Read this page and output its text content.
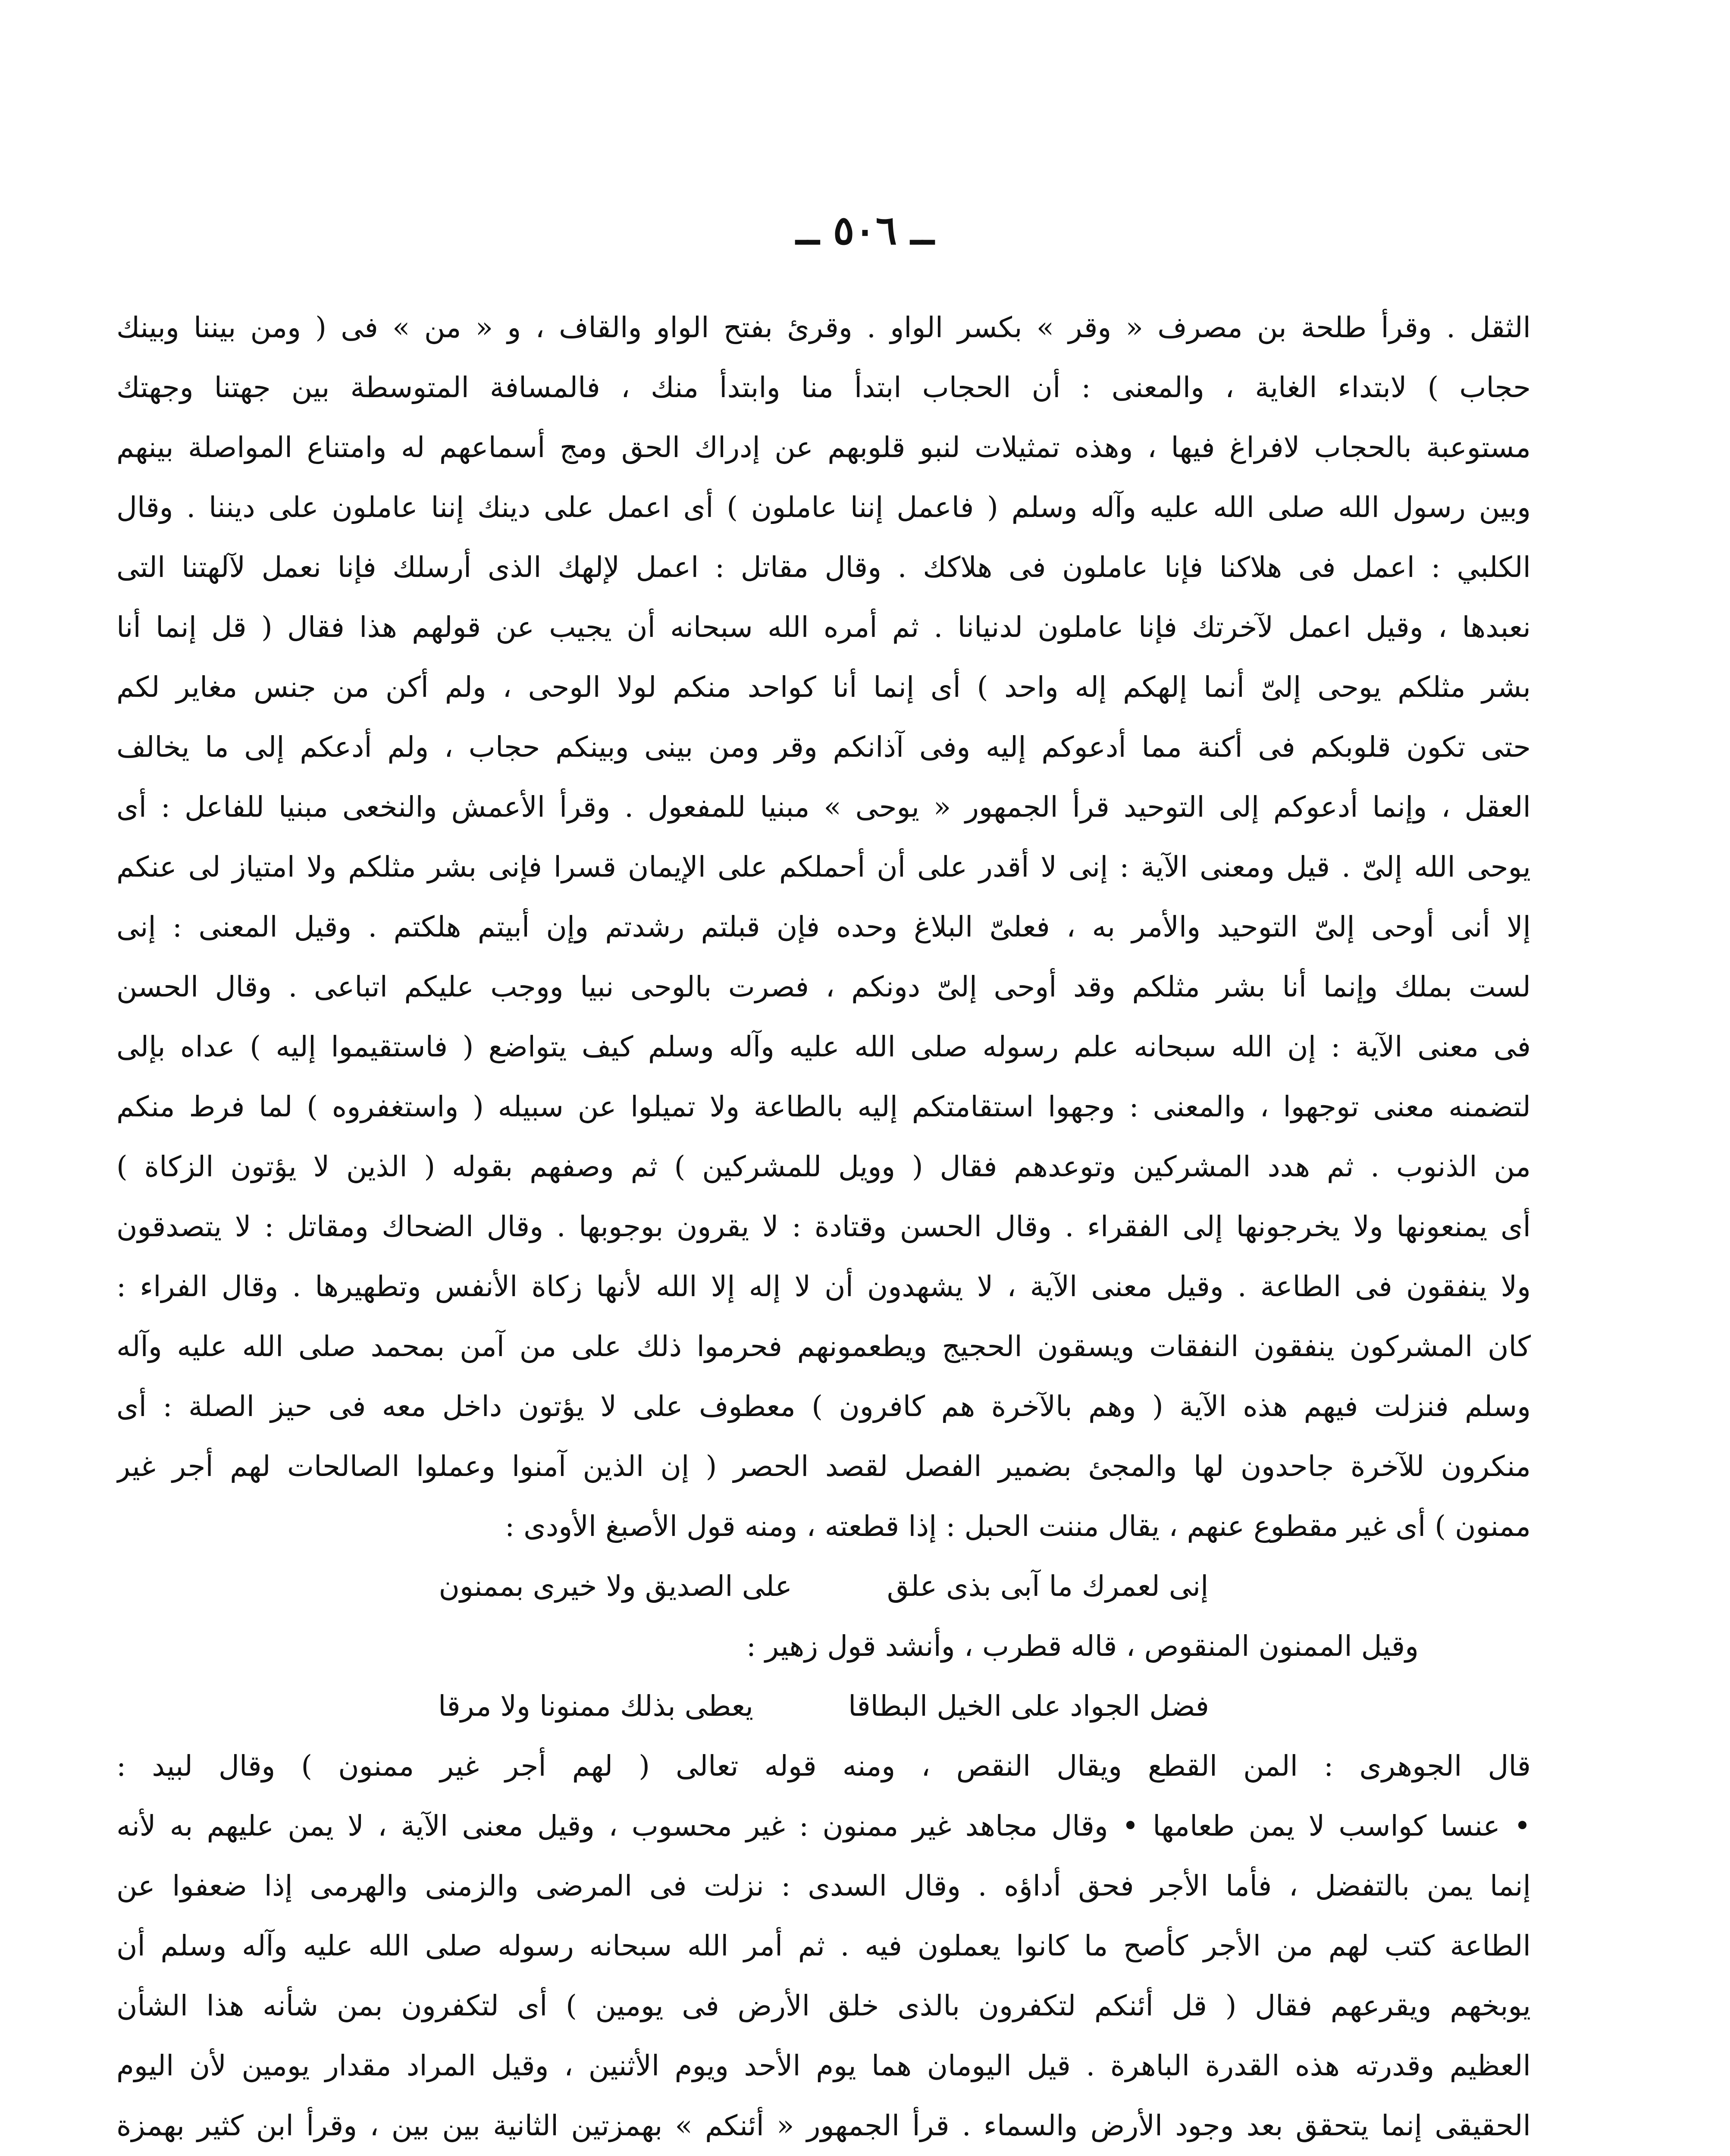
ــ ٥٠٦ ــ
الثقل . وقرأ طلحة بن مصرف « وقر » بكسر الواو . وقرئ بفتح الواو والقاف ، و « من » فى ( ومن بيننا وبينك
حجاب ) لابتداء الغاية ، والمعنى : أن الحجاب ابتدأ منا وابتدأ منك ، فالمسافة المتوسطة بين جهتنا وجهتك
مستوعبة بالحجاب لافراغ فيها ، وهذه تمثيلات لنبو قلوبهم عن إدراك الحق ومج أسماعهم له وامتناع المواصلة بينهم
وبين رسول الله صلى الله عليه وآله وسلم ( فاعمل إننا عاملون ) أى اعمل على دينك إننا عاملون على ديننا . وقال
الكلبي : اعمل فى هلاكنا فإنا عاملون فى هلاكك . وقال مقاتل : اعمل لإلهك الذى أرسلك فإنا نعمل لآلهتنا التى
نعبدها ، وقيل اعمل لآخرتك فإنا عاملون لدنيانا . ثم أمره الله سبحانه أن يجيب عن قولهم هذا فقال ( قل إنما أنا
بشر مثلكم يوحى إلىّ أنما إلهكم إله واحد ) أى إنما أنا كواحد منكم لولا الوحى ، ولم أكن من جنس مغاير لكم
حتى تكون قلوبكم فى أكنة مما أدعوكم إليه وفى آذانكم وقر ومن بينى وبينكم حجاب ، ولم أدعكم إلى ما يخالف
العقل ، وإنما أدعوكم إلى التوحيد قرأ الجمهور « يوحى » مبنيا للمفعول . وقرأ الأعمش والنخعى مبنيا للفاعل : أى
يوحى الله إلىّ . قيل ومعنى الآية : إنى لا أقدر على أن أحملكم على الإيمان قسرا فإنى بشر مثلكم ولا امتياز لى عنكم
إلا أنى أوحى إلىّ التوحيد والأمر به ، فعلىّ البلاغ وحده فإن قبلتم رشدتم وإن أبيتم هلكتم . وقيل المعنى : إنى
لست بملك وإنما أنا بشر مثلكم وقد أوحى إلىّ دونكم ، فصرت بالوحى نبيا ووجب عليكم اتباعى . وقال الحسن
فى معنى الآية : إن الله سبحانه علم رسوله صلى الله عليه وآله وسلم كيف يتواضع ( فاستقيموا إليه ) عداه بإلى
لتضمنه معنى توجهوا ، والمعنى : وجهوا استقامتكم إليه بالطاعة ولا تميلوا عن سبيله ( واستغفروه ) لما فرط منكم
من الذنوب . ثم هدد المشركين وتوعدهم فقال ( وويل للمشركين ) ثم وصفهم بقوله ( الذين لا يؤتون الزكاة )
أى يمنعونها ولا يخرجونها إلى الفقراء . وقال الحسن وقتادة : لا يقرون بوجوبها . وقال الضحاك ومقاتل : لا يتصدقون
ولا ينفقون فى الطاعة . وقيل معنى الآية ، لا يشهدون أن لا إله إلا الله لأنها زكاة الأنفس وتطهيرها . وقال الفراء :
كان المشركون ينفقون النفقات ويسقون الحجيج ويطعمونهم فحرموا ذلك على من آمن بمحمد صلى الله عليه وآله
وسلم فنزلت فيهم هذه الآية ( وهم بالآخرة هم كافرون ) معطوف على لا يؤتون داخل معه فى حيز الصلة : أى
منكرون للآخرة جاحدون لها والمجئ بضمير الفصل لقصد الحصر ( إن الذين آمنوا وعملوا الصالحات لهم أجر غير
ممنون ) أى غير مقطوع عنهم ، يقال مننت الحبل : إذا قطعته ، ومنه قول الأصبغ الأودى :
إنى لعمرك ما آبى بذى علق
على الصديق ولا خيرى بممنون
وقيل الممنون المنقوص ، قاله قطرب ، وأنشد قول زهير :
فضل الجواد على الخيل البطاقا
يعطى بذلك ممنونا ولا مرقا
قال الجوهرى : المن القطع ويقال النقص ، ومنه قوله تعالى ( لهم أجر غير ممنون ) وقال لبيد :
• عنسا كواسب لا يمن طعامها • وقال مجاهد غير ممنون : غير محسوب ، وقيل معنى الآية ، لا يمن عليهم به لأنه
إنما يمن بالتفضل ، فأما الأجر فحق أداؤه . وقال السدى : نزلت فى المرضى والزمنى والهرمى إذا ضعفوا عن
الطاعة كتب لهم من الأجر كأصح ما كانوا يعملون فيه . ثم أمر الله سبحانه رسوله صلى الله عليه وآله وسلم أن
يوبخهم ويقرعهم فقال ( قل أئنكم لتكفرون بالذى خلق الأرض فى يومين ) أى لتكفرون بمن شأنه هذا الشأن
العظيم وقدرته هذه القدرة الباهرة . قيل اليومان هما يوم الأحد ويوم الأثنين ، وقيل المراد مقدار يومين لأن اليوم
الحقيقى إنما يتحقق بعد وجود الأرض والسماء . قرأ الجمهور « أئنكم » بهمزتين الثانية بين بين ، وقرأ ابن كثير بهمزة
